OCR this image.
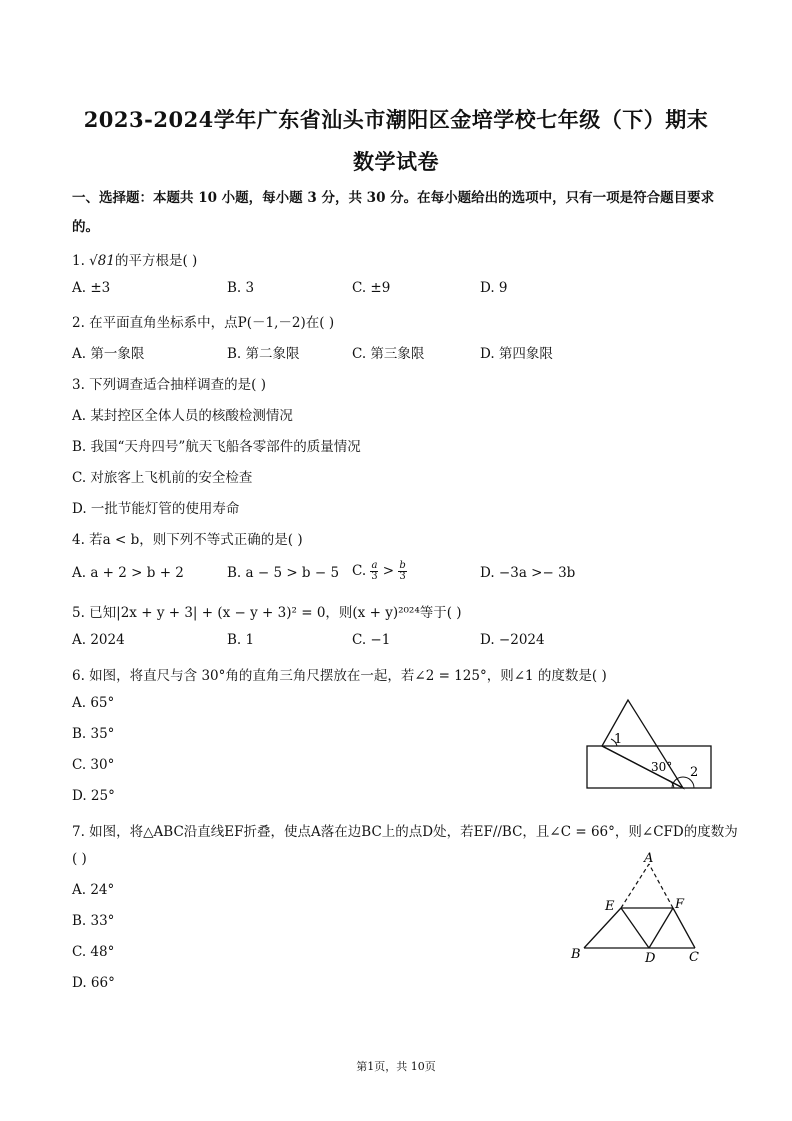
2023-2024学年广东省汕头市潮阳区金培学校七年级（下）期末
数学试卷
一、选择题：本题共 10 小题，每小题 3 分，共 30 分。在每小题给出的选项中，只有一项是符合题目要求
的。
1. √81的平方根是( )
A. ±3	B. 3	C. ±9	D. 9
2. 在平面直角坐标系中，点P(－1,－2)在( )
A. 第一象限	B. 第二象限	C. 第三象限	D. 第四象限
3. 下列调查适合抽样调查的是( )
A. 某封控区全体人员的核酸检测情况
B. 我国“天舟四号”航天飞船各零部件的质量情况
C. 对旅客上飞机前的安全检查
D. 一批节能灯管的使用寿命
4. 若a < b，则下列不等式正确的是( )
A. a + 2 > b + 2	B. a − 5 > b − 5 C. $\frac{a}{3} > \frac{b}{3}$	D. −3a >− 3b
5. 已知|2x + y + 3| + (x − y + 3)² = 0，则(x + y)²⁰²⁴等于( )
A. 2024	B. 1	C. −1	D. −2024
6. 如图，将直尺与含 30°角的直角三角尺摆放在一起，若∠2 = 125°，则∠1 的度数是( )
A. 65°
B. 35°
C. 30°
D. 25°
1
30° 2
7. 如图，将△ABC沿直线EF折叠，使点A落在边BC上的点D处，若EF//BC，且∠C = 66°，则∠CFD的度数为
( )
A. 24°
B. 33°
C. 48°
D. 66°
A
E	F
B	D	C
第1页，共 10页
